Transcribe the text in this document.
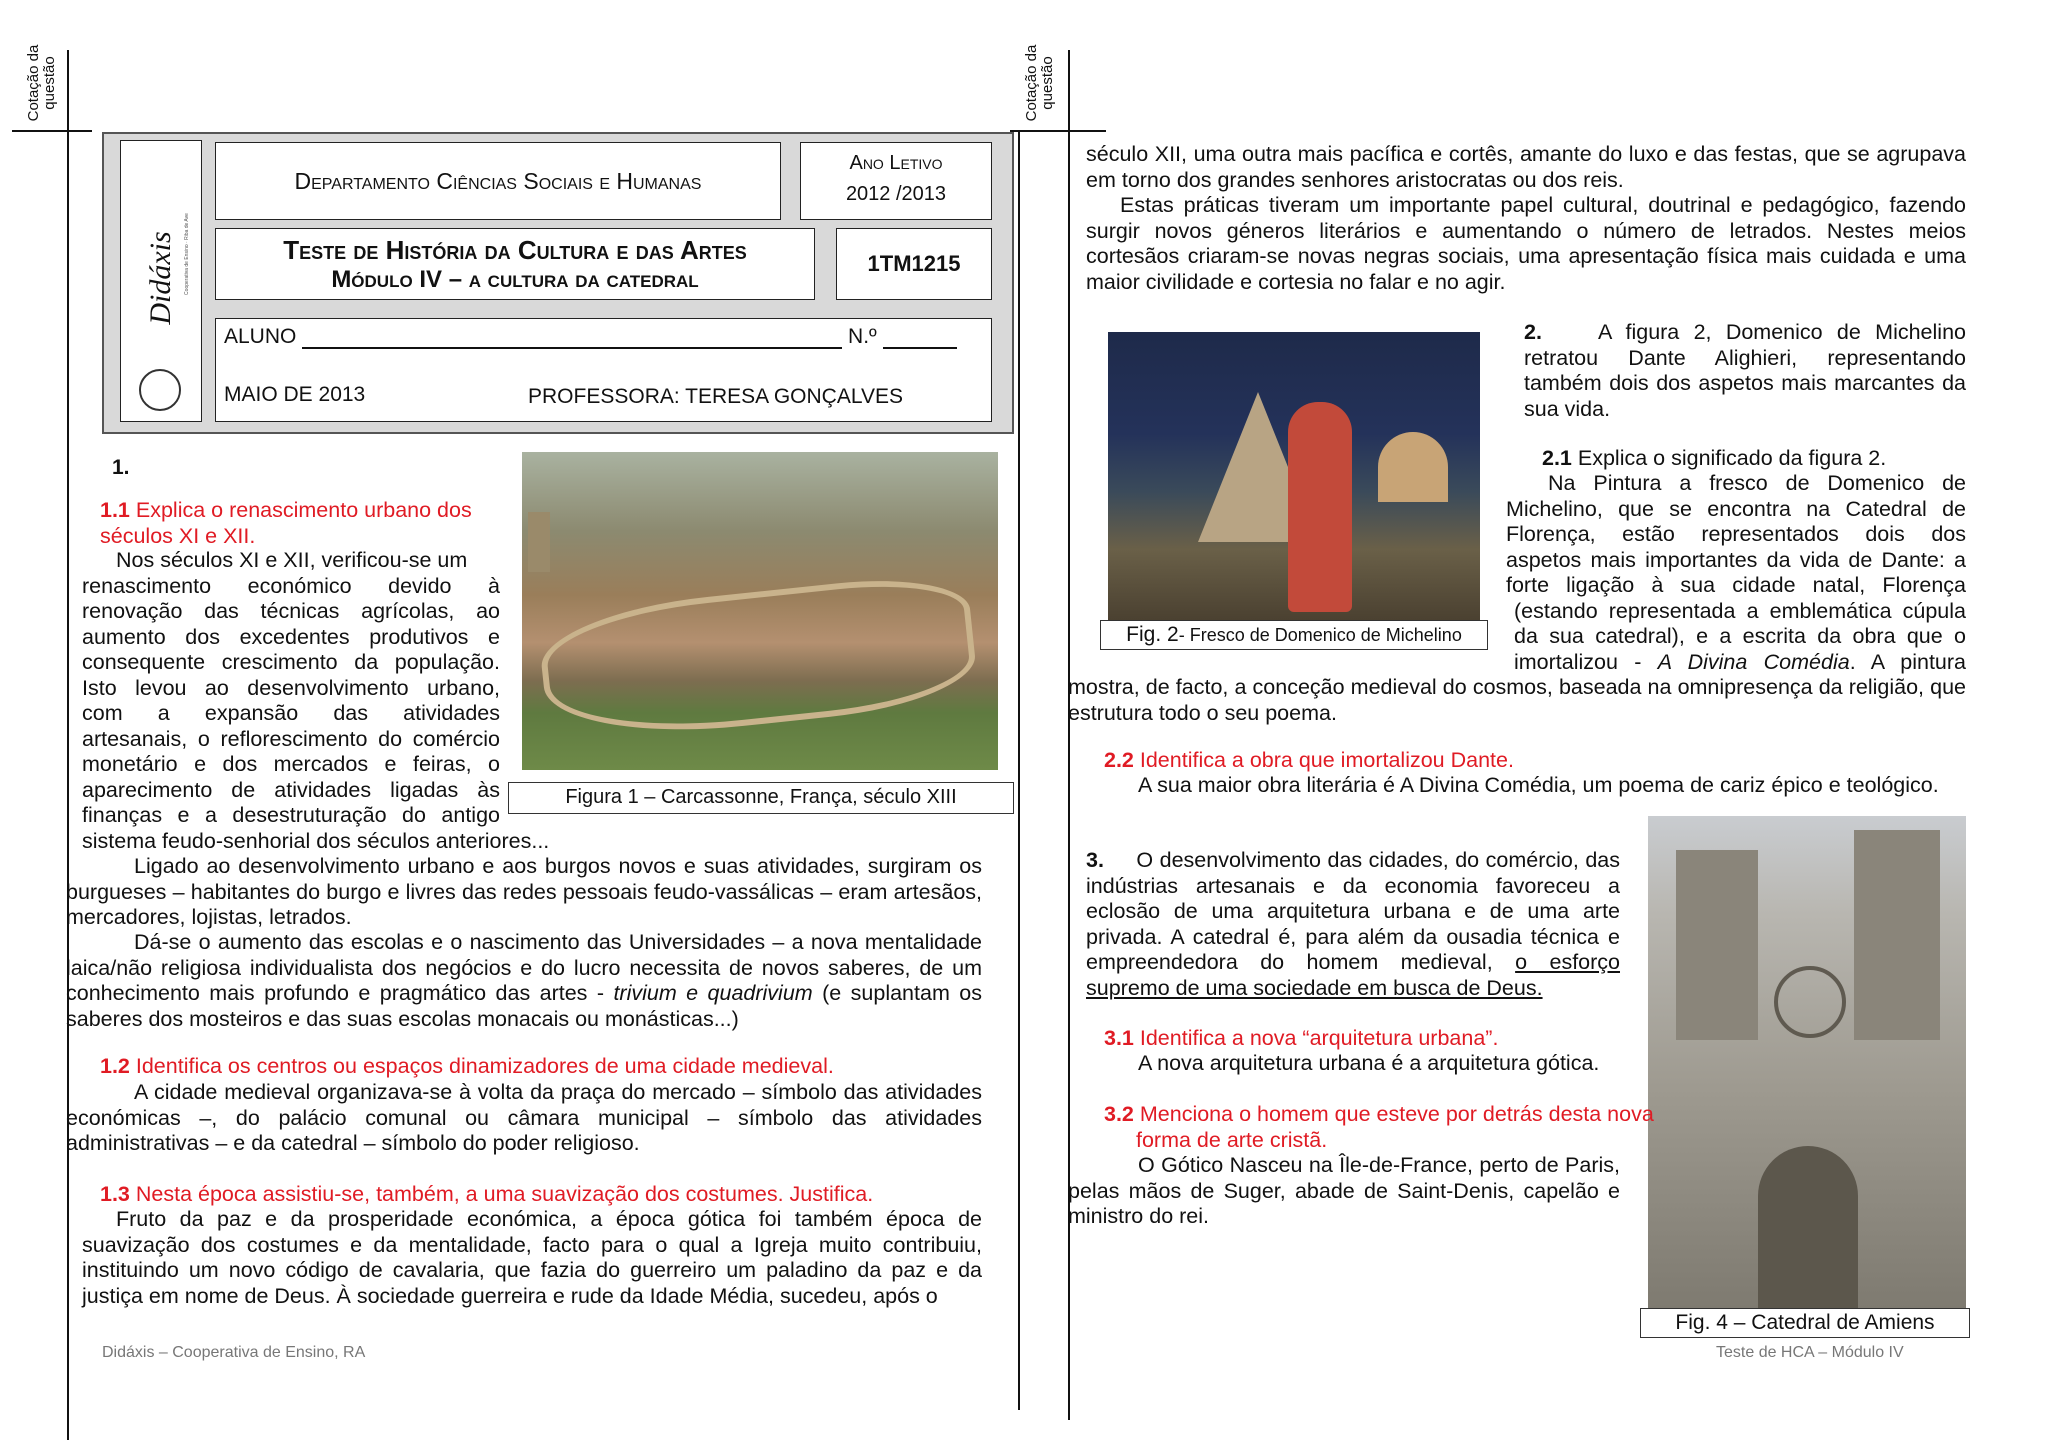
Cotação da questão
Didáxis Cooperativa de Ensino · Riba de Ave
Departamento Ciências Sociais e Humanas
Ano Letivo
2012 /2013
Teste de História da Cultura e das Artes
Módulo IV – a cultura da catedral
1TM1215
ALUNO	N.º
MAIO DE 2013	PROFESSORA: TERESA GONÇALVES
Figura 1 – Carcassonne, França, século XIII
1.
1.1 Explica o renascimento urbano dos séculos XI e XII.
Nos séculos XI e XII, verificou-se um
renascimento económico devido à
renovação das técnicas agrícolas, ao
aumento dos excedentes produtivos e
consequente crescimento da população.
Isto levou ao desenvolvimento urbano,
com a expansão das atividades
artesanais, o reflorescimento do comércio
monetário e dos mercados e feiras, o
aparecimento de atividades ligadas às
finanças e a desestruturação do antigo
sistema feudo-senhorial dos séculos anteriores...
Ligado ao desenvolvimento urbano e aos burgos novos e suas atividades, surgiram os burgueses – habitantes do burgo e livres das redes pessoais feudo-vassálicas – eram artesãos, mercadores, lojistas, letrados.
Dá-se o aumento das escolas e o nascimento das Universidades – a nova mentalidade laica/não religiosa individualista dos negócios e do lucro necessita de novos saberes, de um conhecimento mais profundo e pragmático das artes - trivium e quadrivium (e suplantam os saberes dos mosteiros e das suas escolas monacais ou monásticas...)
1.2 Identifica os centros ou espaços dinamizadores de uma cidade medieval.
A cidade medieval organizava-se à volta da praça do mercado – símbolo das atividades económicas –, do palácio comunal ou câmara municipal – símbolo das atividades administrativas – e da catedral – símbolo do poder religioso.
1.3 Nesta época assistiu-se, também, a uma suavização dos costumes. Justifica.
Fruto da paz e da prosperidade económica, a época gótica foi também época de suavização dos costumes e da mentalidade, facto para o qual a Igreja muito contribuiu, instituindo um novo código de cavalaria, que fazia do guerreiro um paladino da paz e da justiça em nome de Deus. À sociedade guerreira e rude da Idade Média, sucedeu, após o
Didáxis – Cooperativa de Ensino, RA
Cotação da questão
século XII, uma outra mais pacífica e cortês, amante do luxo e das festas, que se agrupava em torno dos grandes senhores aristocratas ou dos reis.
Estas práticas tiveram um importante papel cultural, doutrinal e pedagógico, fazendo surgir novos géneros literários e aumentando o número de letrados. Nestes meios cortesãos criaram-se novas negras sociais, uma apresentação física mais cuidada e uma maior civilidade e cortesia no falar e no agir.
Fig. 2- Fresco de Domenico de Michelino
2.	A figura 2, Domenico de Michelino retratou Dante Alighieri, representando também dois dos aspetos mais marcantes da sua vida.
2.1 Explica o significado da figura 2.
Na Pintura a fresco de Domenico de
Michelino, que se encontra na Catedral de
Florença, estão representados dois dos
aspetos mais importantes da vida de Dante: a
forte ligação à sua cidade natal, Florença
(estando representada a emblemática cúpula
da sua catedral), e a escrita da obra que o
imortalizou - A Divina Comédia. A pintura
mostra, de facto, a conceção medieval do cosmos, baseada na omnipresença da religião, que estrutura todo o seu poema.
2.2 Identifica a obra que imortalizou Dante.
A sua maior obra literária é A Divina Comédia, um poema de cariz épico e teológico.
Fig. 4 – Catedral de Amiens
3. O desenvolvimento das cidades, do comércio, das indústrias artesanais e da economia favoreceu a eclosão de uma arquitetura urbana e de uma arte privada. A catedral é, para além da ousadia técnica e empreendedora do homem medieval, o esforço supremo de uma sociedade em busca de Deus.
3.1 Identifica a nova “arquitetura urbana”.
A nova arquitetura urbana é a arquitetura gótica.
3.2 Menciona o homem que esteve por detrás desta nova forma de arte cristã.
O Gótico Nasceu na Île-de-France, perto de Paris, pelas mãos de Suger, abade de Saint-Denis, capelão e ministro do rei.
Teste de HCA – Módulo IV
